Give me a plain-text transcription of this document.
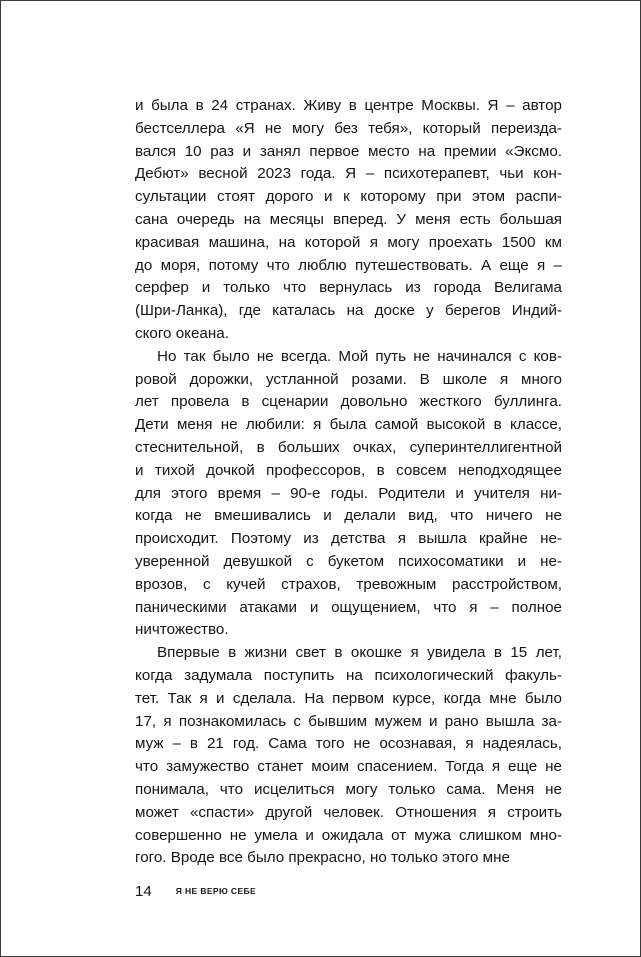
и была в 24 странах. Живу в центре Москвы. Я – автор
бестселлера «Я не могу без тебя», который переизда-
вался 10 раз и занял первое место на премии «Эксмо.
Дебют» весной 2023 года. Я – психотерапевт, чьи кон-
сультации стоят дорого и к которому при этом распи-
сана очередь на месяцы вперед. У меня есть большая
красивая машина, на которой я могу проехать 1500 км
до моря, потому что люблю путешествовать. А еще я –
серфер и только что вернулась из города Велигама
(Шри-Ланка), где каталась на доске у берегов Индий-
ского океана.
Но так было не всегда. Мой путь не начинался с ков-
ровой дорожки, устланной розами. В школе я много
лет провела в сценарии довольно жесткого буллинга.
Дети меня не любили: я была самой высокой в классе,
стеснительной, в больших очках, суперинтеллигентной
и тихой дочкой профессоров, в совсем неподходящее
для этого время – 90-е годы. Родители и учителя ни-
когда не вмешивались и делали вид, что ничего не
происходит. Поэтому из детства я вышла крайне не-
уверенной девушкой с букетом психосоматики и не-
врозов, с кучей страхов, тревожным расстройством,
паническими атаками и ощущением, что я – полное
ничтожество.
Впервые в жизни свет в окошке я увидела в 15 лет,
когда задумала поступить на психологический факуль-
тет. Так я и сделала. На первом курсе, когда мне было
17, я познакомилась с бывшим мужем и рано вышла за-
муж – в 21 год. Сама того не осознавая, я надеялась,
что замужество станет моим спасением. Тогда я еще не
понимала, что исцелиться могу только сама. Меня не
может «спасти» другой человек. Отношения я строить
совершенно не умела и ожидала от мужа слишком мно-
гого. Вроде все было прекрасно, но только этого мне
14	Я НЕ ВЕРЮ СЕБЕ
